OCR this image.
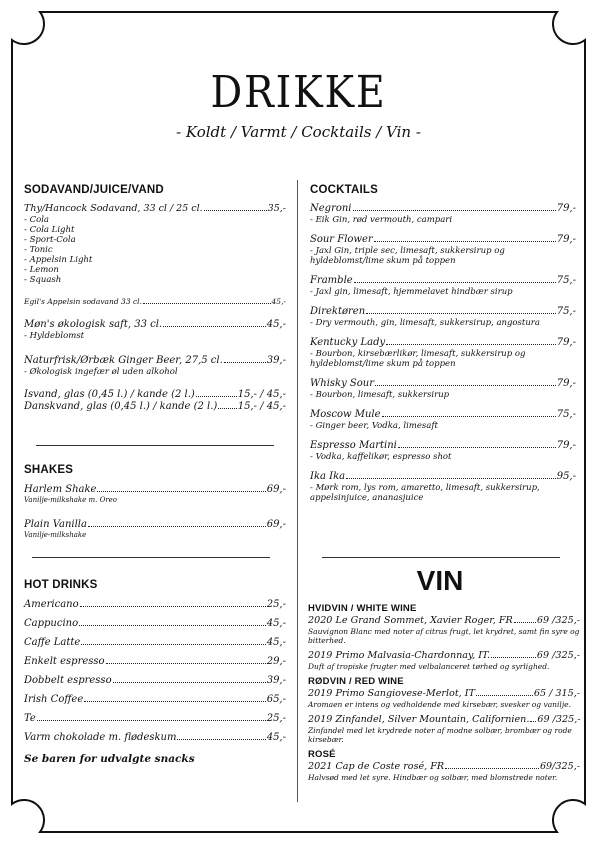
DRIKKE
- Koldt / Varmt / Cocktails / Vin -
SODAVAND/JUICE/VAND
Thy/Hancock Sodavand, 33 cl / 25 cl.	35,-
- Cola
- Cola Light
- Sport-Cola
- Tonic
- Appelsin Light
- Lemon
- Squash
Egil's Appelsin sodavand 33 cl.	45,-
Møn's økologisk saft, 33 cl.	45,-
- Hyldeblomst
Naturfrisk/Ørbæk Ginger Beer, 27,5 cl.	39,-
- Økologisk ingefær øl uden alkohol
Isvand, glas (0,45 l.) / kande (2 l.)	15,- / 45,-
Danskvand, glas (0,45 l.) / kande (2 l.) 15,- / 45,-
SHAKES
Harlem Shake	69,-
Vanilje-milkshake m. Oreo
Plain Vanilla	69,-
Vanilje-milkshake
HOT DRINKS
Americano	25,-
Cappucino	45,-
Caffe Latte	45,-
Enkelt espresso	29,-
Dobbelt espresso	39,-
Irish Coffee	65,-
Te	25,-
Varm chokolade m. flødeskum	45,-
Se baren for udvalgte snacks
COCKTAILS
Negroni	79,-
- Eik Gin, rød vermouth, campari
Sour Flower	79,-
- Jaxl Gin, triple sec, limesaft, sukkersirup og hyldeblomst/lime skum på toppen
Framble	75,-
- Jaxl gin, limesaft, hjemmelavet hindbær sirup
Direktøren	75,-
- Dry vermouth, gin, limesaft, sukkersirup, angostura
Kentucky Lady	79,-
- Bourbon, kirsebærlikør, limesaft, sukkersirup og hyldeblomst/lime skum på toppen
Whisky Sour	79,-
- Bourbon, limesaft, sukkersirup
Moscow Mule	75,-
- Ginger beer, Vodka, limesaft
Espresso Martini	79,-
- Vodka, kaffelikør, espresso shot
Ika Ika	95,-
- Mørk rom, lys rom, amaretto, limesaft, sukkersirup, appelsinjuice, ananasjuice
VIN
HVIDVIN / WHITE WINE
2020 Le Grand Sommet, Xavier Roger, FR	69 /325,-
Sauvignon Blanc med noter af citrus frugt, let krydret, samt fin syre og bitterhed.
2019 Primo Malvasia-Chardonnay, IT.	69 /325,-
Duft af tropiske frugter med velbalanceret tørhed og syrlighed.
RØDVIN / RED WINE
2019 Primo Sangiovese-Merlot, IT	65 / 315,-
Aromaen er intens og vedholdende med kirsebær, svesker og vanilje.
2019 Zinfandel, Silver Mountain, Californien. 69 /325,-
Zinfandel med let krydrede noter af modne solbær, brombær og rode kirsebær.
ROSÉ
2021 Cap de Coste rosé, FR	69/325,-
Halvsød med let syre. Hindbær og solbær, med blomstrede noter.
